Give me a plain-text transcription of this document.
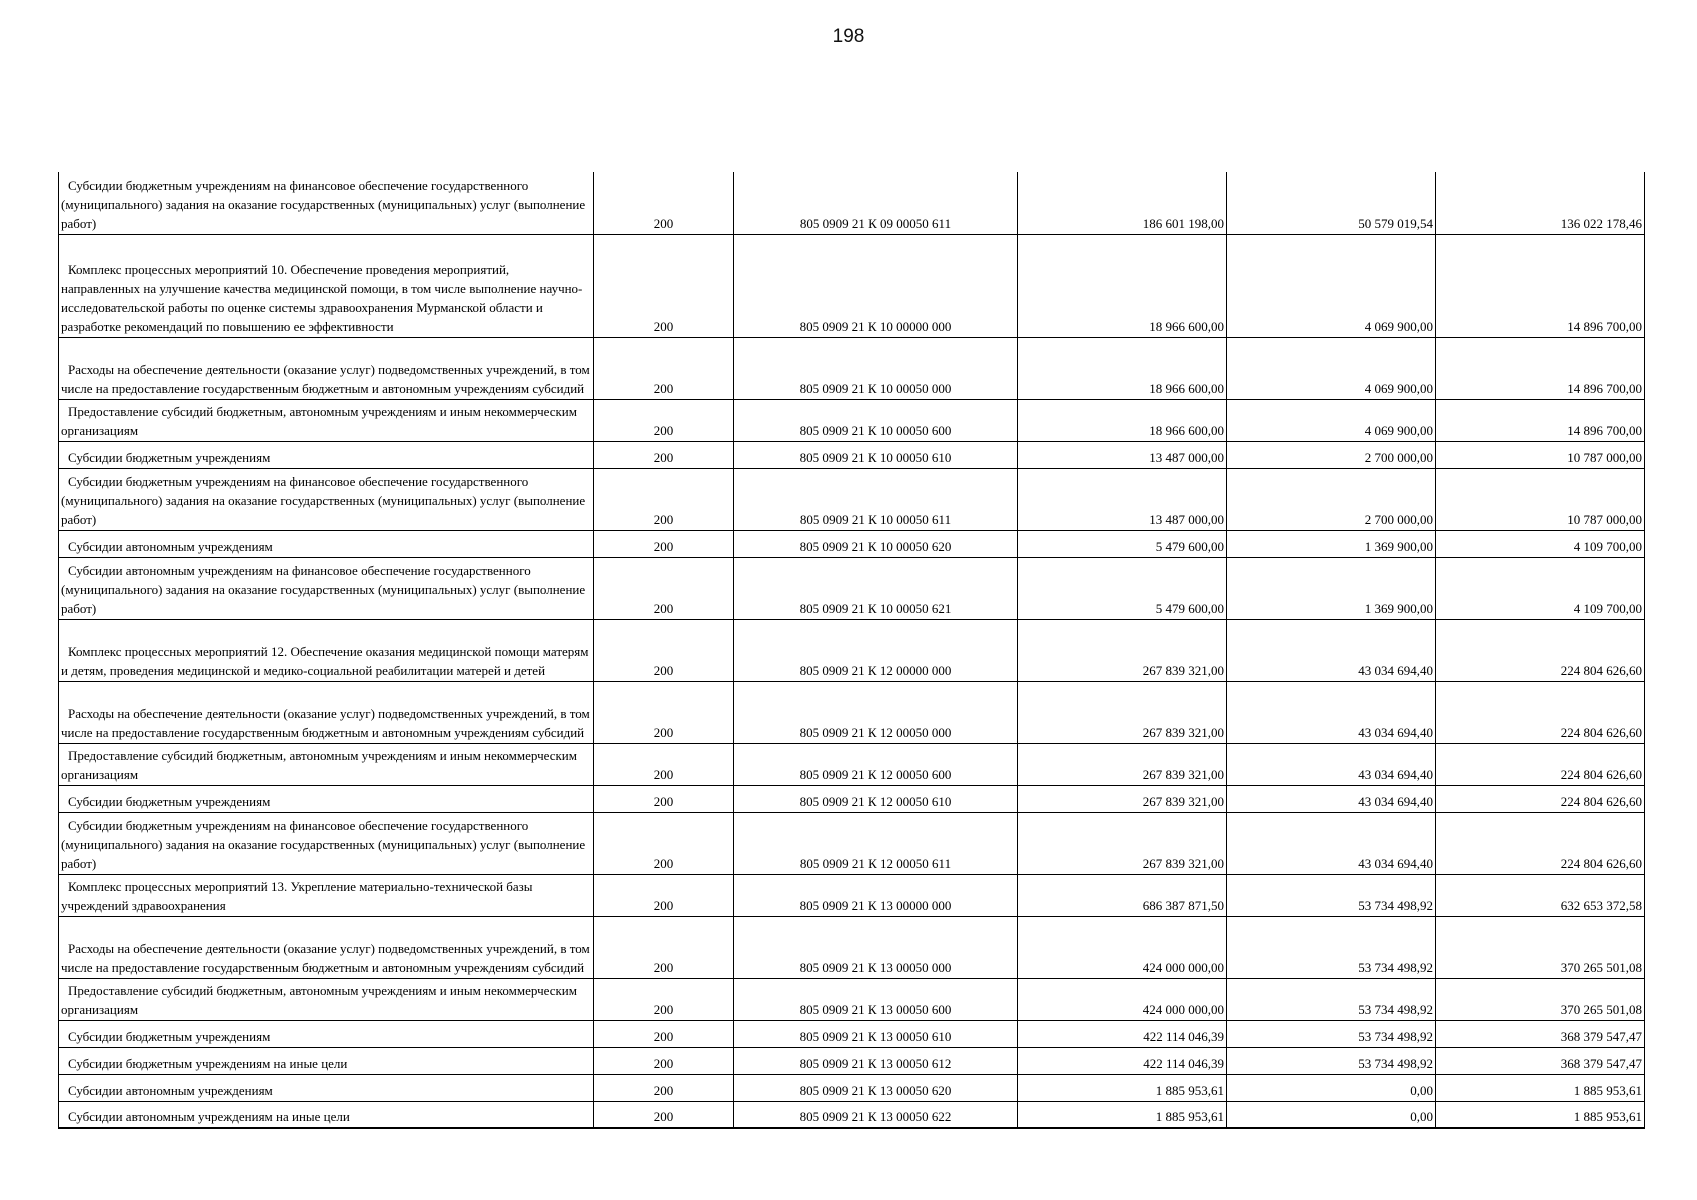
198
Субсидии бюджетным учреждениям на финансовое обеспечение государственного (муниципального) задания на оказание государственных (муниципальных) услуг (выполнение работ)	200	805 0909 21 К 09 00050 611	186 601 198,00	50 579 019,54	136 022 178,46
Комплекс процессных мероприятий 10. Обеспечение проведения мероприятий, направленных на улучшение качества медицинской помощи, в том числе выполнение научно-исследовательской работы по оценке системы здравоохранения Мурманской области и разработке рекомендаций по повышению ее эффективности	200	805 0909 21 К 10 00000 000	18 966 600,00	4 069 900,00	14 896 700,00
Расходы на обеспечение деятельности (оказание услуг) подведомственных учреждений, в том числе на предоставление государственным бюджетным и автономным учреждениям субсидий	200	805 0909 21 К 10 00050 000	18 966 600,00	4 069 900,00	14 896 700,00
Предоставление субсидий бюджетным, автономным учреждениям и иным некоммерческим организациям	200	805 0909 21 К 10 00050 600	18 966 600,00	4 069 900,00	14 896 700,00
Субсидии бюджетным учреждениям	200	805 0909 21 К 10 00050 610	13 487 000,00	2 700 000,00	10 787 000,00
Субсидии бюджетным учреждениям на финансовое обеспечение государственного (муниципального) задания на оказание государственных (муниципальных) услуг (выполнение работ)	200	805 0909 21 К 10 00050 611	13 487 000,00	2 700 000,00	10 787 000,00
Субсидии автономным учреждениям	200	805 0909 21 К 10 00050 620	5 479 600,00	1 369 900,00	4 109 700,00
Субсидии автономным учреждениям на финансовое обеспечение государственного (муниципального) задания на оказание государственных (муниципальных) услуг (выполнение работ)	200	805 0909 21 К 10 00050 621	5 479 600,00	1 369 900,00	4 109 700,00
Комплекс процессных мероприятий 12. Обеспечение оказания медицинской помощи матерям и детям, проведения медицинской и медико-социальной реабилитации матерей и детей	200	805 0909 21 К 12 00000 000	267 839 321,00	43 034 694,40	224 804 626,60
Расходы на обеспечение деятельности (оказание услуг) подведомственных учреждений, в том числе на предоставление государственным бюджетным и автономным учреждениям субсидий	200	805 0909 21 К 12 00050 000	267 839 321,00	43 034 694,40	224 804 626,60
Предоставление субсидий бюджетным, автономным учреждениям и иным некоммерческим организациям	200	805 0909 21 К 12 00050 600	267 839 321,00	43 034 694,40	224 804 626,60
Субсидии бюджетным учреждениям	200	805 0909 21 К 12 00050 610	267 839 321,00	43 034 694,40	224 804 626,60
Субсидии бюджетным учреждениям на финансовое обеспечение государственного (муниципального) задания на оказание государственных (муниципальных) услуг (выполнение работ)	200	805 0909 21 К 12 00050 611	267 839 321,00	43 034 694,40	224 804 626,60
Комплекс процессных мероприятий 13. Укрепление материально-технической базы учреждений здравоохранения	200	805 0909 21 К 13 00000 000	686 387 871,50	53 734 498,92	632 653 372,58
Расходы на обеспечение деятельности (оказание услуг) подведомственных учреждений, в том числе на предоставление государственным бюджетным и автономным учреждениям субсидий	200	805 0909 21 К 13 00050 000	424 000 000,00	53 734 498,92	370 265 501,08
Предоставление субсидий бюджетным, автономным учреждениям и иным некоммерческим организациям	200	805 0909 21 К 13 00050 600	424 000 000,00	53 734 498,92	370 265 501,08
Субсидии бюджетным учреждениям	200	805 0909 21 К 13 00050 610	422 114 046,39	53 734 498,92	368 379 547,47
Субсидии бюджетным учреждениям на иные цели	200	805 0909 21 К 13 00050 612	422 114 046,39	53 734 498,92	368 379 547,47
Субсидии автономным учреждениям	200	805 0909 21 К 13 00050 620	1 885 953,61	0,00	1 885 953,61
Субсидии автономным учреждениям на иные цели	200	805 0909 21 К 13 00050 622	1 885 953,61	0,00	1 885 953,61
